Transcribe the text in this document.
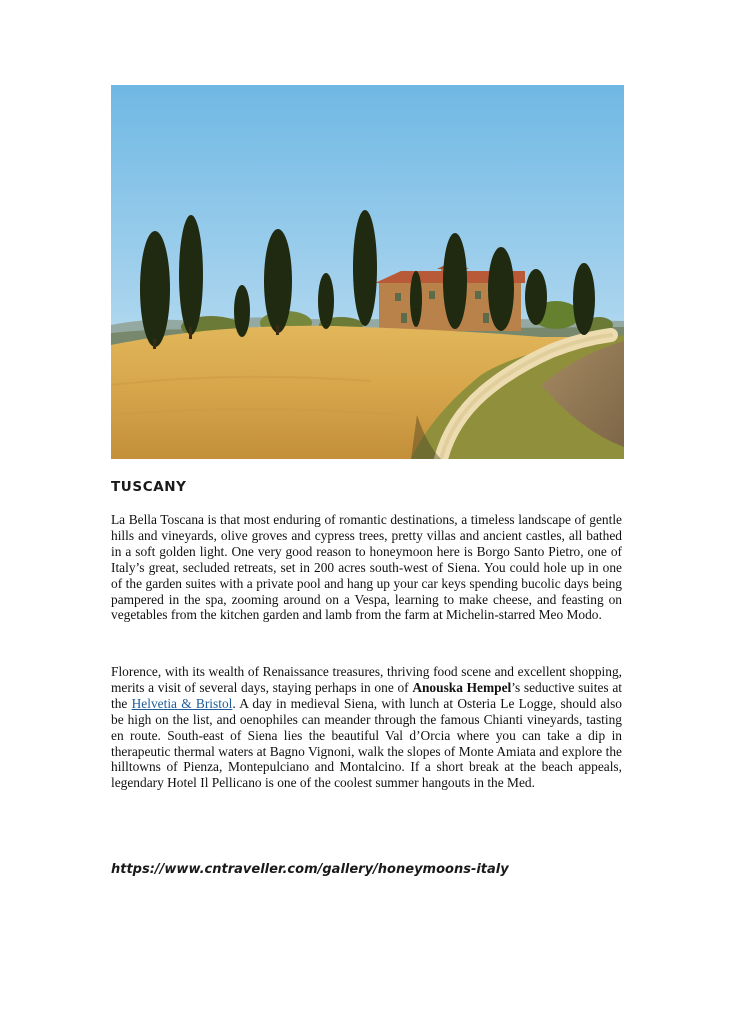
TUSCANY

La Bella Toscana is that most enduring of romantic destinations, a timeless landscape of gentle hills and vineyards, olive groves and cypress trees, pretty villas and ancient castles, all bathed in a soft golden light. One very good reason to honeymoon here is Borgo Santo Pietro, one of Italy’s great, secluded retreats, set in 200 acres south-west of Siena. You could hole up in one of the garden suites with a private pool and hang up your car keys spending bucolic days being pampered in the spa, zooming around on a Vespa, learning to make cheese, and feasting on vegetables from the kitchen garden and lamb from the farm at Michelin-starred Meo Modo.

Florence, with its wealth of Renaissance treasures, thriving food scene and excellent shopping, merits a visit of several days, staying perhaps in one of Anouska Hempel’s seductive suites at the Helvetia & Bristol. A day in medieval Siena, with lunch at Osteria Le Logge, should also be high on the list, and oenophiles can meander through the famous Chianti vineyards, tasting en route. South-east of Siena lies the beautiful Val d’Orcia where you can take a dip in therapeutic thermal waters at Bagno Vignoni, walk the slopes of Monte Amiata and explore the hilltowns of Pienza, Montepulciano and Montalcino. If a short break at the beach appeals, legendary Hotel Il Pellicano is one of the coolest summer hangouts in the Med.

https://www.cntraveller.com/gallery/honeymoons-italy
